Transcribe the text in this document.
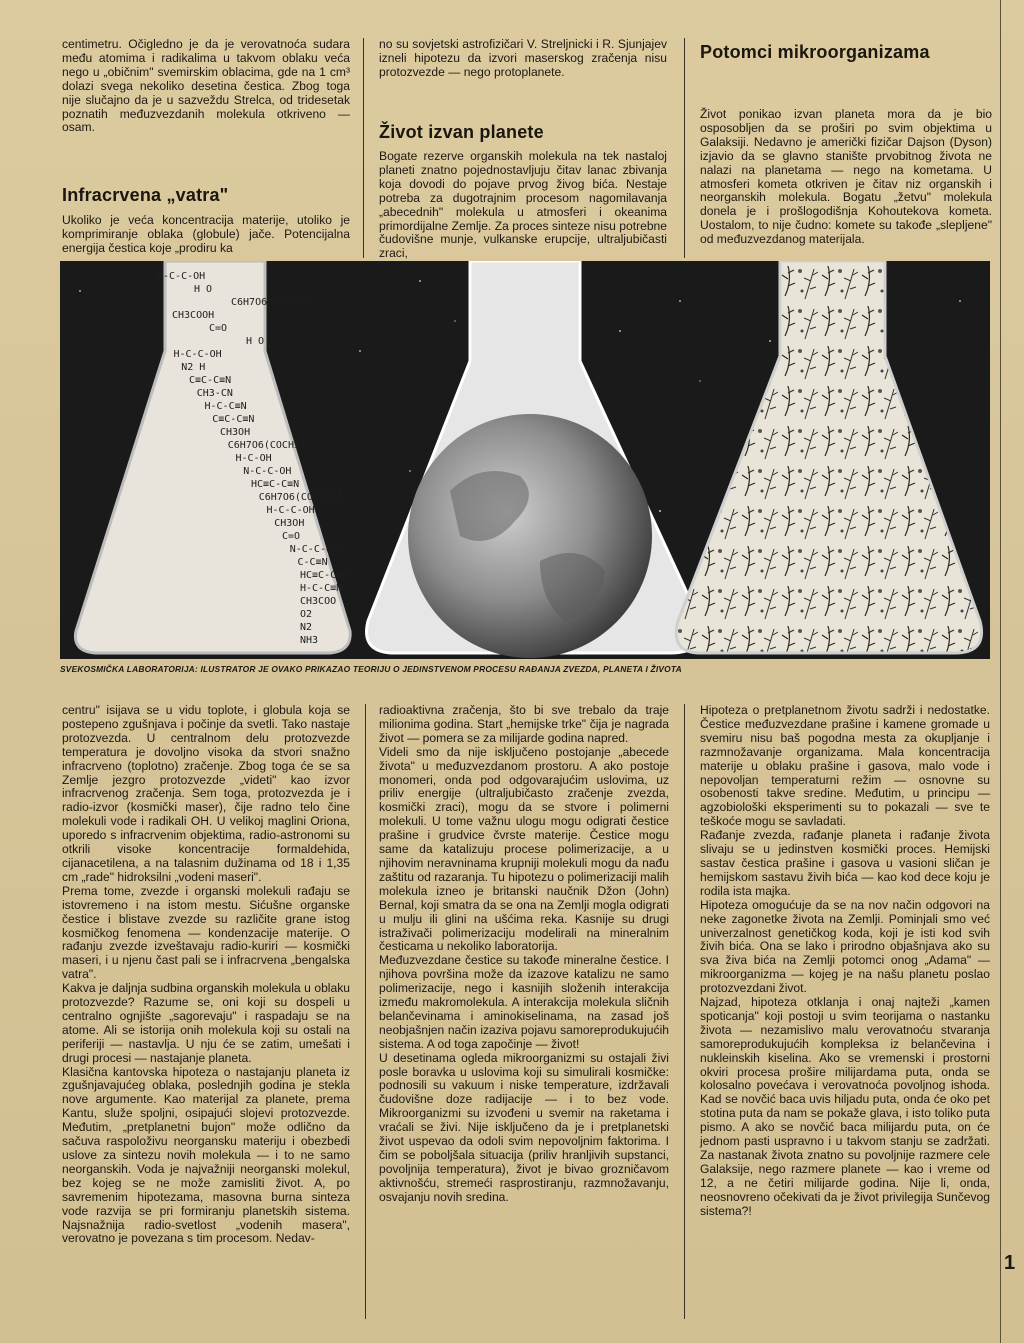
centimetru. Očigledno je da je verovatnoća sudara među atomima i radikalima u takvom oblaku veća nego u „običnim" svemirskim oblacima, gde na 1 cm³ dolazi svega nekoliko desetina čestica. Zbog toga nije slučajno da je u sazveždu Strelca, od tridesetak poznatih međuzvezdanih molekula otkriveno — osam.
Infracrvena „vatra"
Ukoliko je veća koncentracija materije, utoliko je komprimiranje oblaka (globule) jače. Potencijalna energija čestica koje „prodiru ka
no su sovjetski astrofizičari V. Streljnicki i R. Sjunjajev izneli hipotezu da izvori maserskog zračenja nisu protozvezde — nego protoplanete.
Život izvan planete
Bogate rezerve organskih molekula na tek nastaloj planeti znatno pojednostavljuju čitav lanac zbivanja koja dovodi do pojave prvog živog bića. Nestaje potreba za dugotrajnim procesom nagomilavanja „abecednih" molekula u atmosferi i okeanima primordijalne Zemlje. Za proces sinteze nisu potrebne čudovišne munje, vulkanske erupcije, ultraljubičasti zraci,
Potomci mikroorganizama
Život ponikao izvan planeta mora da je bio osposobljen da se proširi po svim objektima u Galaksiji. Nedavno je američki fizičar Dajson (Dyson) izjavio da se glavno stanište prvobitnog života ne nalazi na planetama — nego na kometama. U atmosferi kometa otkriven je čitav niz organskih i neorganskih molekula. Bogatu „žetvu" molekula donela je i prošlogodišnja Kohoutekova kometa. Uostalom, to nije čudno: komete su takođe „sleplјene" od međuzvezdanog materijala.
H-C-C-OH
H O
C6H7O6(COCH3)
CH3COOH
C=O
H O
H-C-C-OH
N2 H
C≡C-C≡N
CH3-CN
H-C-C≡N
C≡C-C≡N
CH3OH
C6H7O6(COCH3)
H-C-OH
N-C-C-OH
HC≡C-C≡N
C6H7O6(COCH3)5
H-C-C-OH
CH3OH
C=O
N-C-C-OH
C-C≡N
HC≡C-C≡N
H-C-C≡N
CH3COO
O2
N2
NH3
SVEKOSMIČKA LABORATORIJA: ILUSTRATOR JE OVAKO PRIKAZAO TEORIJU O JEDINSTVENOM PROCESU RAĐANJA ZVEZDA, PLANETA I ŽIVOTA
centru" isijava se u vidu toplote, i globula koja se postepeno zgušnjava i počinje da svetli. Tako nastaje protozvezda. U centralnom delu protozvezde temperatura je dovoljno visoka da stvori snažno infracrveno (toplotno) zračenje. Zbog toga će se sa Zemlje jezgro protozvezde „videti" kao izvor infracrvenog zračenja. Sem toga, protozvezda je i radio-izvor (kosmički maser), čije radno telo čine molekuli vode i radikali OH. U velikoj maglini Oriona, uporedo s infracrvenim objektima, radio-astronomi su otkrili visoke koncentracije formaldehida, cijanacetilena, a na talasnim dužinama od 18 i 1,35 cm „rade" hidroksilni „vodeni maseri".
Prema tome, zvezde i organski molekuli rađaju se istovremeno i na istom mestu. Sićušne organske čestice i blistave zvezde su različite grane istog kosmičkog fenomena — kondenzacije materije. O rađanju zvezde izveštavaju radio-kuriri — kosmički maseri, i u njenu čast pali se i infracrvena „bengalska vatra".
Kakva je daljnja sudbina organskih molekula u oblaku protozvezde? Razume se, oni koji su dospeli u centralno ognjište „sagorevaju" i raspadaju se na atome. Ali se istorija onih molekula koji su ostali na periferiji — nastavlja. U nju će se zatim, umešati i drugi procesi — nastajanje planeta.
Klasična kantovska hipoteza o nastajanju planeta iz zgušnjavajućeg oblaka, poslednjih godina je stekla nove argumente. Kao materijal za planete, prema Kantu, služe spoljni, osipajući slojevi protozvezde. Međutim, „pretplanetni bujon" može odlično da sačuva raspoloživu neorgansku materiju i obezbedi uslove za sintezu novih molekula — i to ne samo neorganskih. Voda je najvažniji neorganski molekul, bez kojeg se ne može zamisliti život. A, po savremenim hipotezama, masovna burna sinteza vode razvija se pri formiranju planetskih sistema. Najsnažnija radio-svetlost „vodenih masera", verovatno je povezana s tim procesom. Nedav-
radioaktivna zračenja, što bi sve trebalo da traje milionima godina. Start „hemijske trke" čija je nagrada život — pomera se za milijarde godina napred.
Videli smo da nije isključeno postojanje „abecede života" u međuzvezdanom prostoru. A ako postoje monomeri, onda pod odgovarajućim uslovima, uz priliv energije (ultraljubičasto zračenje zvezda, kosmički zraci), mogu da se stvore i polimerni molekuli. U tome važnu ulogu mogu odigrati čestice prašine i grudvice čvrste materije. Čestice mogu same da katalizuju procese polimerizacije, a u njihovim neravninama krupniji molekuli mogu da nađu zaštitu od razaranja. Tu hipotezu o polimerizaciji malih molekula izneo je britanski naučnik Džon (John) Bernal, koji smatra da se ona na Zemlji mogla odigrati u mulju ili glini na ušćima reka. Kasnije su drugi istraživači polimerizaciju modelirali na mineralnim česticama u nekoliko laboratorija.
Međuzvezdane čestice su takođe mineralne čestice. I njihova površina može da izazove katalizu ne samo polimerizacije, nego i kasnijih složenih interakcija između makromolekula. A interakcija molekula sličnih belančevinama i aminokiselinama, na zasad još neobjašnjen način izaziva pojavu samoreprodukujućih sistema. A od toga započinje — život!
U desetinama ogleda mikroorganizmi su ostajali živi posle boravka u uslovima koji su simulirali kosmičke: podnosili su vakuum i niske temperature, izdržavali čudovišne doze radijacije — i to bez vode. Mikroorganizmi su izvođeni u svemir na raketama i vraćali se živi. Nije isključeno da je i pretplanetski život uspevao da odoli svim nepovoljnim faktorima. I čim se poboljšala situacija (priliv hranljivih supstanci, povoljnija temperatura), život je bivao grozničavom aktivnošću, stremeći rasprostiranju, razmnožavanju, osvajanju novih sredina.
Hipoteza o pretplanetnom životu sadrži i nedostatke. Čestice međuzvezdane prašine i kamene gromade u svemiru nisu baš pogodna mesta za okupljanje i razmnožavanje organizama. Mala koncentracija materije u oblaku prašine i gasova, malo vode i nepovoljan temperaturni režim — osnovne su osobenosti takve sredine. Međutim, u principu — agzobiološki eksperimenti su to pokazali — sve te teškoće mogu se savladati.
Rađanje zvezda, rađanje planeta i rađanje života slivaju se u jedinstven kosmički proces. Hemijski sastav čestica prašine i gasova u vasioni sličan je hemijskom sastavu živih bića — kao kod dece koju je rodila ista majka.
Hipoteza omogućuje da se na nov način odgovori na neke zagonetke života na Zemlji. Pominjali smo već univerzalnost genetičkog koda, koji je isti kod svih živih bića. Ona se lako i prirodno objašnjava ako su sva živa bića na Zemlji potomci onog „Adama" — mikroorganizma — kojeg je na našu planetu poslao protozvezdani život.
Najzad, hipoteza otklanja i onaj najteži „kamen spoticanja" koji postoji u svim teorijama o nastanku života — nezamislivo malu verovatnoću stvaranja samoreprodukujućih kompleksa iz belančevina i nukleinskih kiselina. Ako se vremenski i prostorni okviri procesa proširе milijardama puta, onda se kolosalno povećava i verovatnoća povoljnog ishoda. Kad se novčić baca uvis hiljadu puta, onda će oko pet stotina puta da nam se pokaže glava, i isto toliko puta pismo. A ako se novčić baca milijardu puta, on će jednom pasti uspravno i u takvom stanju se zadržati. Za nastanak života znatno su povoljnije razmere cele Galaksije, nego razmere planete — kao i vreme od 12, a ne četiri milijarde godina. Nije li, onda, neosnovreno očekivati da je život privilegija Sunčevog sistema?!
1
